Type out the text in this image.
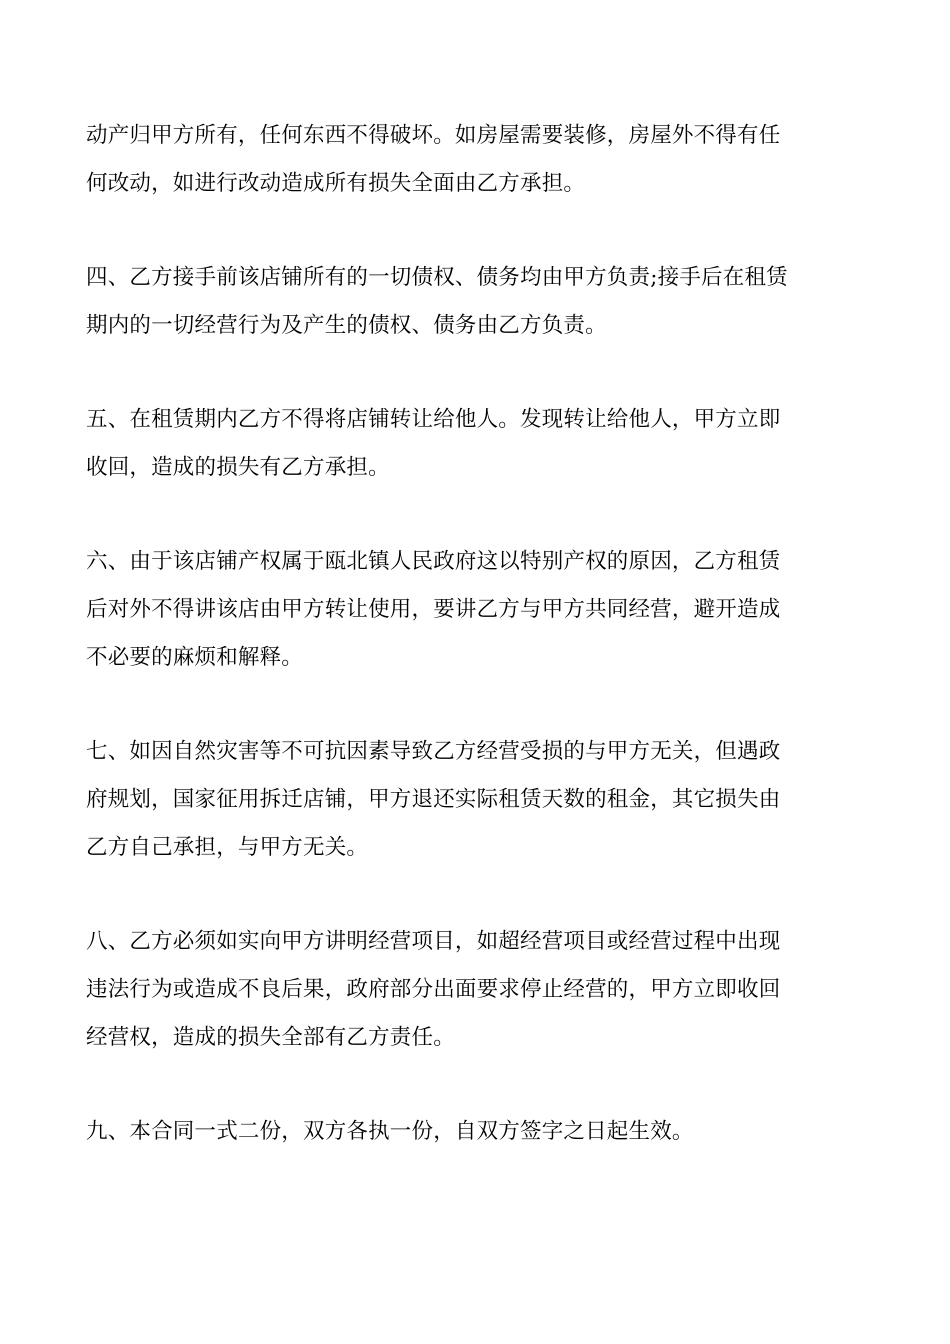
动产归甲方所有，任何东西不得破坏。如房屋需要装修，房屋外不得有任
何改动，如进行改动造成所有损失全面由乙方承担。

四、乙方接手前该店铺所有的一切债权、债务均由甲方负责;接手后在租赁
期内的一切经营行为及产生的债权、债务由乙方负责。

五、在租赁期内乙方不得将店铺转让给他人。发现转让给他人，甲方立即
收回，造成的损失有乙方承担。

六、由于该店铺产权属于瓯北镇人民政府这以特别产权的原因，乙方租赁
后对外不得讲该店由甲方转让使用，要讲乙方与甲方共同经营，避开造成
不必要的麻烦和解释。

七、如因自然灾害等不可抗因素导致乙方经营受损的与甲方无关，但遇政
府规划，国家征用拆迁店铺，甲方退还实际租赁天数的租金，其它损失由
乙方自己承担，与甲方无关。

八、乙方必须如实向甲方讲明经营项目，如超经营项目或经营过程中出现
违法行为或造成不良后果，政府部分出面要求停止经营的，甲方立即收回
经营权，造成的损失全部有乙方责任。

九、本合同一式二份，双方各执一份，自双方签字之日起生效。
